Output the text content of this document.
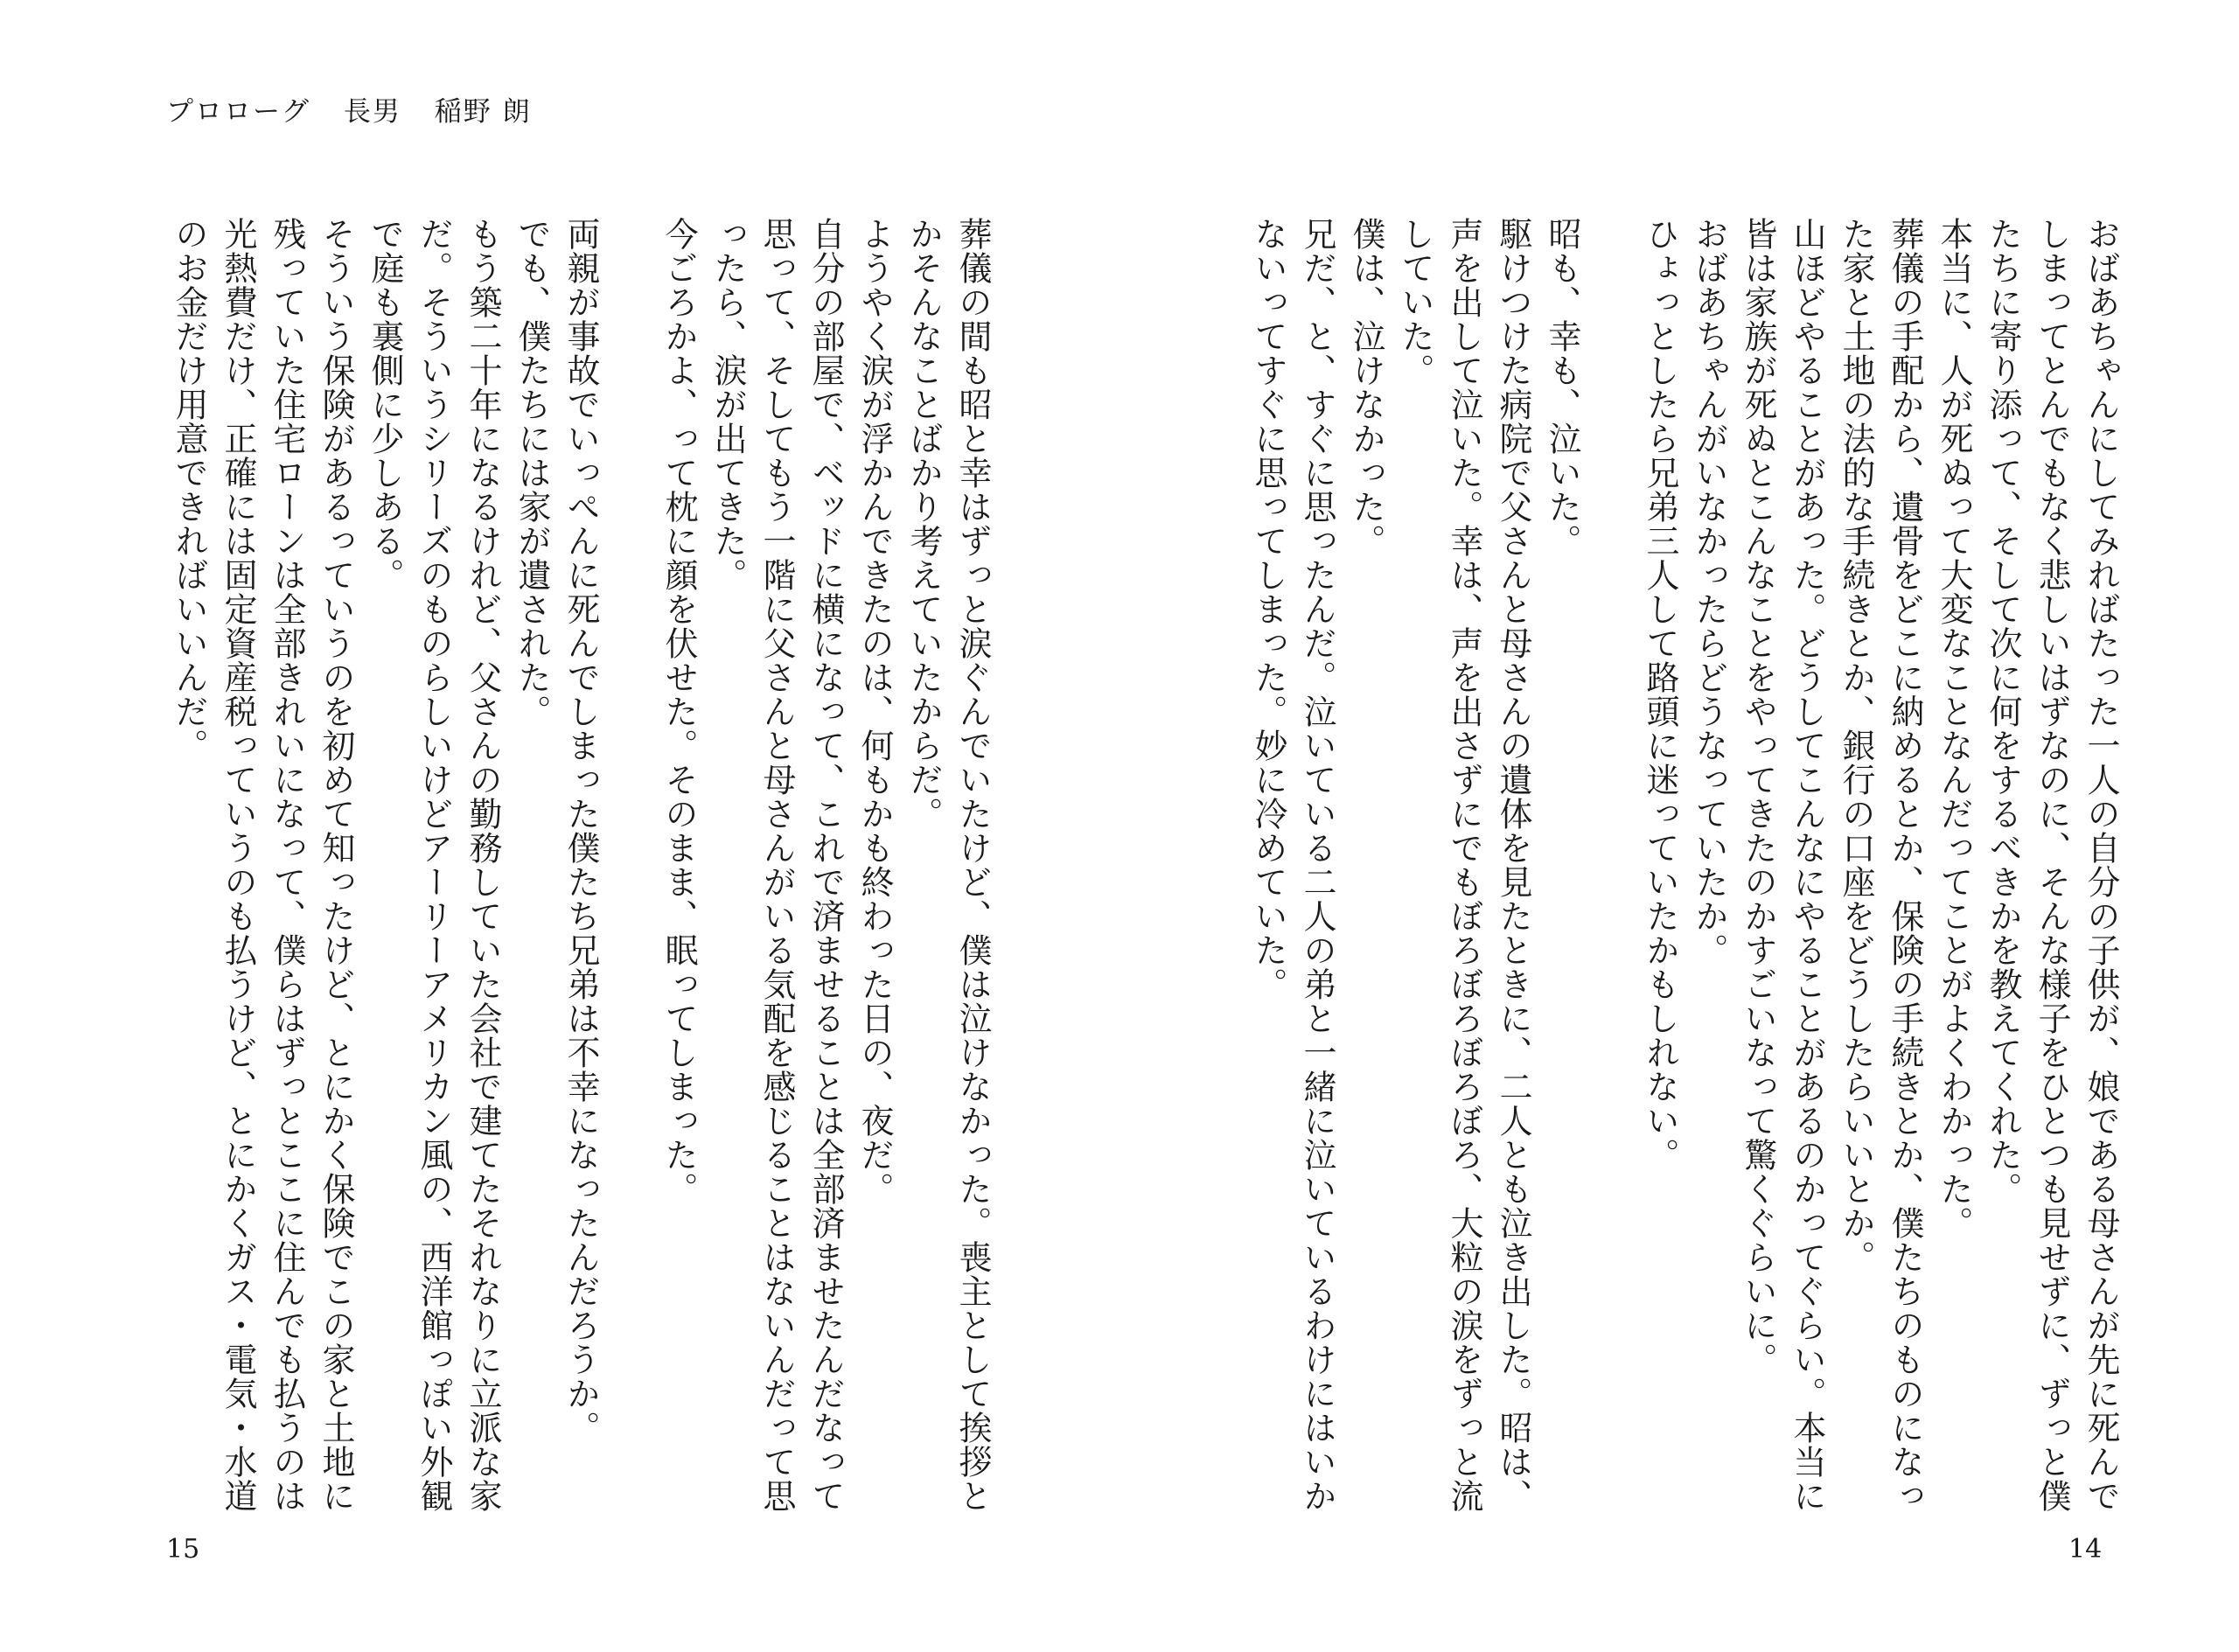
プロローグ 長男 稲野 朗

おばあちゃんにしてみればたった一人の自分の子供が、娘である母さんが先に死んでしまってとんでもなく悲しいはずなのに、そんな様子をひとつも見せずに、ずっと僕たちに寄り添って、そして次に何をするべきかを教えてくれた。

本当に、人が死ぬって大変なことなんだってことがよくわかった。

葬儀の手配から、遺骨をどこに納めるとか、保険の手続きとか、僕たちのものになった家と土地の法的な手続きとか、銀行の口座をどうしたらいいとか。

山ほどやることがあった。どうしてこんなにやることがあるのかってぐらい。本当に皆は家族が死ぬとこんなことをやってきたのかすごいなって驚くぐらいに。

おばあちゃんがいなかったらどうなっていたか。

ひょっとしたら兄弟三人して路頭に迷っていたかもしれない。

昭も、幸も、泣いた。

駆けつけた病院で父さんと母さんの遺体を見たときに、二人とも泣き出した。昭は、声を出して泣いた。幸は、声を出さずにでもぼろぼろぼろぼろ、大粒の涙をずっと流していた。

僕は、泣けなかった。

兄だ、と、すぐに思ったんだ。泣いている二人の弟と一緒に泣いているわけにはいかないってすぐに思ってしまった。妙に冷めていた。

葬儀の間も昭と幸はずっと涙ぐんでいたけど、僕は泣けなかった。喪主として挨拶とかそんなことばかり考えていたからだ。

ようやく涙が浮かんできたのは、何もかも終わった日の、夜だ。

自分の部屋で、ベッドに横になって、これで済ませることは全部済ませたんだなって思って、そしてもう一階に父さんと母さんがいる気配を感じることはないんだって思ったら、涙が出てきた。

今ごろかよ、って枕に顔を伏せた。そのまま、眠ってしまった。

両親が事故でいっぺんに死んでしまった僕たち兄弟は不幸になったんだろうか。

でも、僕たちには家が遺された。

もう築二十年になるけれど、父さんの勤務していた会社で建てたそれなりに立派な家だ。そういうシリーズのものらしいけどアーリーアメリカン風の、西洋館っぽい外観で庭も裏側に少しある。

そういう保険があるっていうのを初めて知ったけど、とにかく保険でこの家と土地に残っていた住宅ローンは全部きれいになって、僕らはずっとここに住んでも払うのは光熱費だけ、正確には固定資産税っていうのも払うけど、とにかくガス・電気・水道のお金だけ用意できればいいんだ。

15	14
